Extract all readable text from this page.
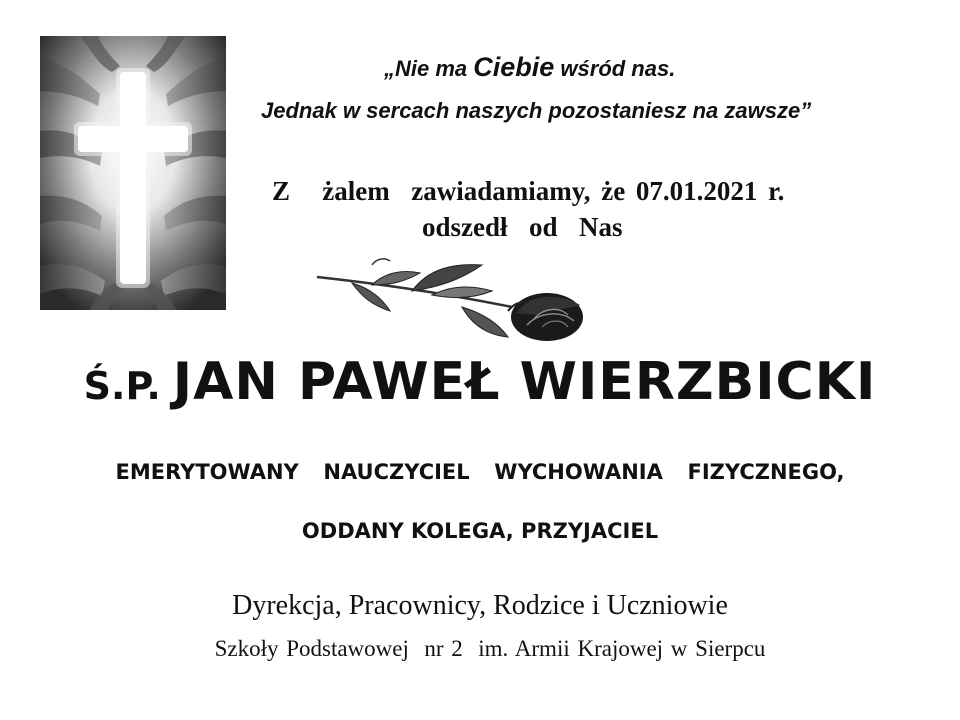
„Nie ma Ciebie wśród nas.
Jednak w sercach naszych pozostaniesz na zawsze”
Z   żalem  zawiadamiamy, że 07.01.2021 r.
odszedł  od  Nas
Ś.P. JAN PAWEŁ WIERZBICKI
EMERYTOWANY  NAUCZYCIEL  WYCHOWANIA  FIZYCZNEGO,
ODDANY KOLEGA, PRZYJACIEL
Dyrekcja, Pracownicy, Rodzice i Uczniowie
Szkoły Podstawowej  nr 2  im. Armii Krajowej w Sierpcu
